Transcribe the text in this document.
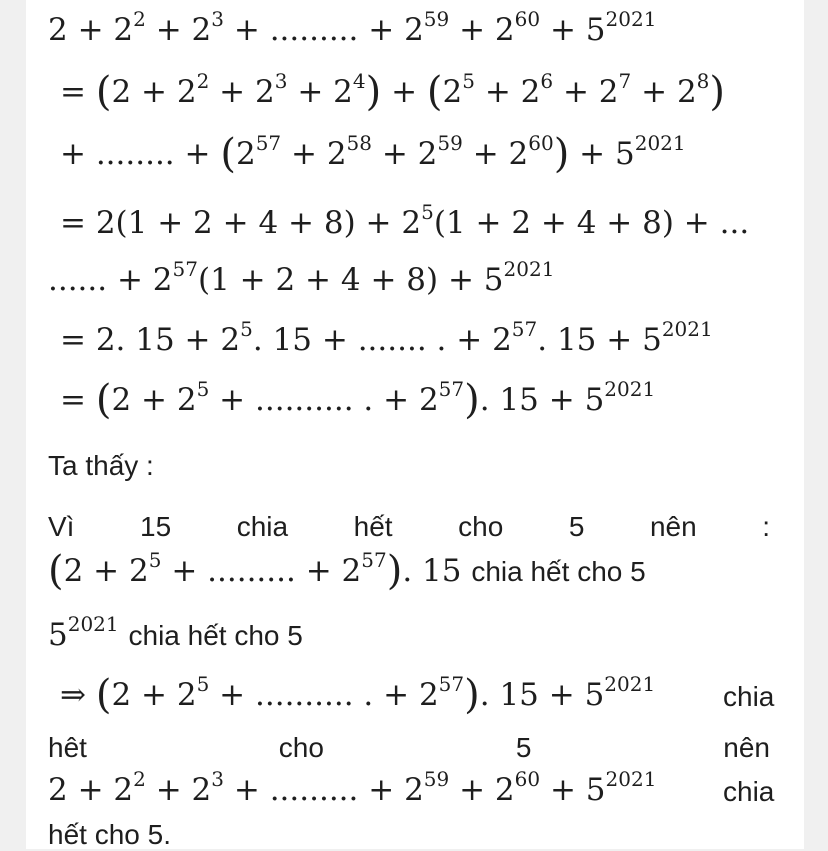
$2 + 2^2 + 2^3$ + ......... + $2^{59} + 2^{60} + 5^{2021}$
= $(2 + 2^2 + 2^3 + 2^4) + (2^5 + 2^6 + 2^7 + 2^8)$
+ ........ + $(2^{57} + 2^{58} + 2^{59} + 2^{60}) + 5^{2021}$
= $2(1 + 2 + 4 + 8) + 2^5(1 + 2 + 4 + 8)$ + ...
...... + $2^{57}(1 + 2 + 4 + 8) + 5^{2021}$
= 2. $15 + 2^5$. 15 + ....... . + $2^{57}$. $15 + 5^{2021}$
= ($2 + 2^5$ + .......... . + $2^{57}$). $15 + 5^{2021}$
Ta thấy :
Vì 15 chia hết cho 5 nên :
($2 + 2^5$ + ......... + $2^{57}$). 15 chia hết cho 5
$5^{2021}$ chia hết cho 5
⇒ ($2 + 2^5$ + .......... . + $2^{57}$). $15 + 5^{2021}$ chia
hêt	cho	5	nên
$2 + 2^2 + 2^3$ + ......... + $2^{59} + 2^{60} + 5^{2021}$ chia
hết cho 5.
